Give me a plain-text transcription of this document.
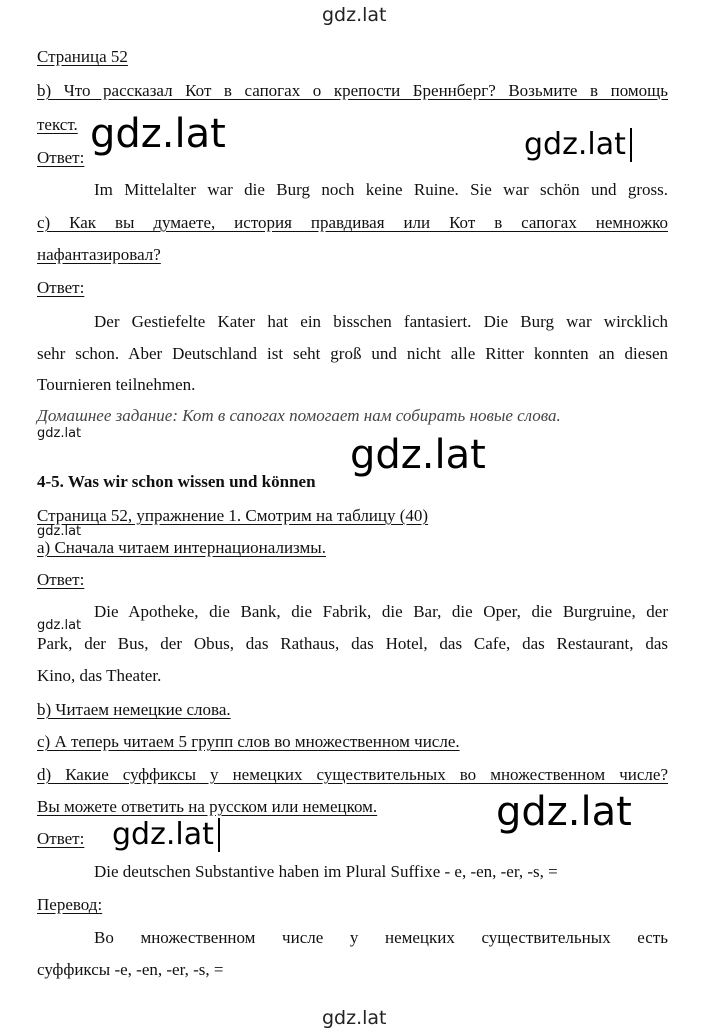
gdz.lat
Страница 52
b) Что рассказал Кот в сапогах о крепости Бреннберг? Возьмите в помощь
текст. gdz.lat	gdz.lat
Ответ:
Im Mittelalter war die Burg noch keine Ruine. Sie war schön und gross.
c) Как вы думаете, история правдивая или Кот в сапогах немножко
нафантазировал?
Ответ:
Der Gestiefelte Kater hat ein bisschen fantasiert. Die Burg war wircklich
sehr schon. Aber Deutschland ist seht groß und nicht alle Ritter konnten an diesen
Tournieren teilnehmen.
Домашнее задание: Кот в сапогах помогает нам собирать новые слова.
gdz.lat	gdz.lat
4-5. Was wir schon wissen und können
Страница 52, упражнение 1. Смотрим на таблицу (40)
gdz.lat
a) Сначала читаем интернационализмы.
Ответ:
Die Apotheke, die Bank, die Fabrik, die Bar, die Oper, die Burgruine, der
gdz.lat
Park, der Bus, der Obus, das Rathaus, das Hotel, das Cafe, das Restaurant, das
Kino, das Theater.
b) Читаем немецкие слова.
c) А теперь читаем 5 групп слов во множественном числе.
d) Какие суффиксы у немецких существительных во множественном числе?
Вы можете ответить на русском или немецком.	gdz.lat
Ответ: gdz.lat
Die deutschen Substantive haben im Plural Suffixe - e, -en, -er, -s, =
Перевод:
Во множественном числе у немецких существительных есть
суффиксы -e, -en, -er, -s, =
gdz.lat
